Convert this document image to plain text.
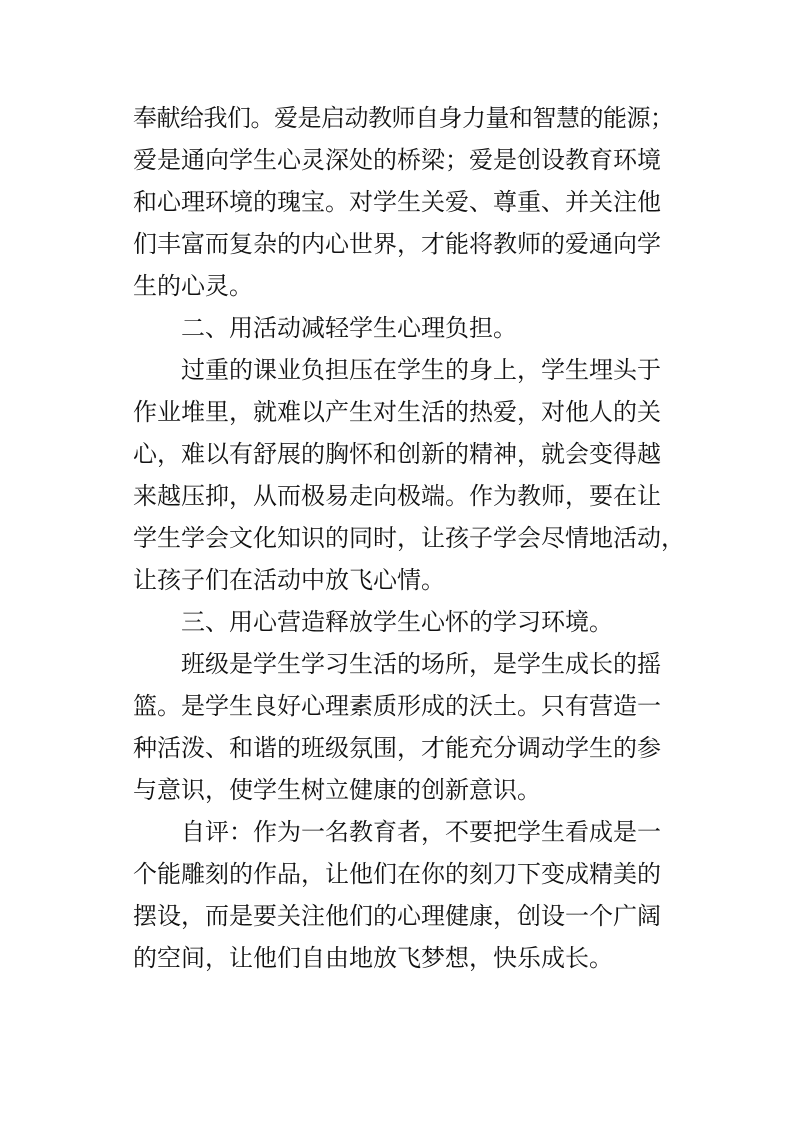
奉献给我们。爱是启动教师自身力量和智慧的能源；
爱是通向学生心灵深处的桥梁；爱是创设教育环境
和心理环境的瑰宝。对学生关爱、尊重、并关注他
们丰富而复杂的内心世界，才能将教师的爱通向学
生的心灵。
二、用活动减轻学生心理负担。
过重的课业负担压在学生的身上，学生埋头于
作业堆里，就难以产生对生活的热爱，对他人的关
心，难以有舒展的胸怀和创新的精神，就会变得越
来越压抑，从而极易走向极端。作为教师，要在让
学生学会文化知识的同时，让孩子学会尽情地活动，
让孩子们在活动中放飞心情。
三、用心营造释放学生心怀的学习环境。
班级是学生学习生活的场所，是学生成长的摇
篮。是学生良好心理素质形成的沃土。只有营造一
种活泼、和谐的班级氛围，才能充分调动学生的参
与意识，使学生树立健康的创新意识。
自评：作为一名教育者，不要把学生看成是一
个能雕刻的作品，让他们在你的刻刀下变成精美的
摆设，而是要关注他们的心理健康，创设一个广阔
的空间，让他们自由地放飞梦想，快乐成长。
